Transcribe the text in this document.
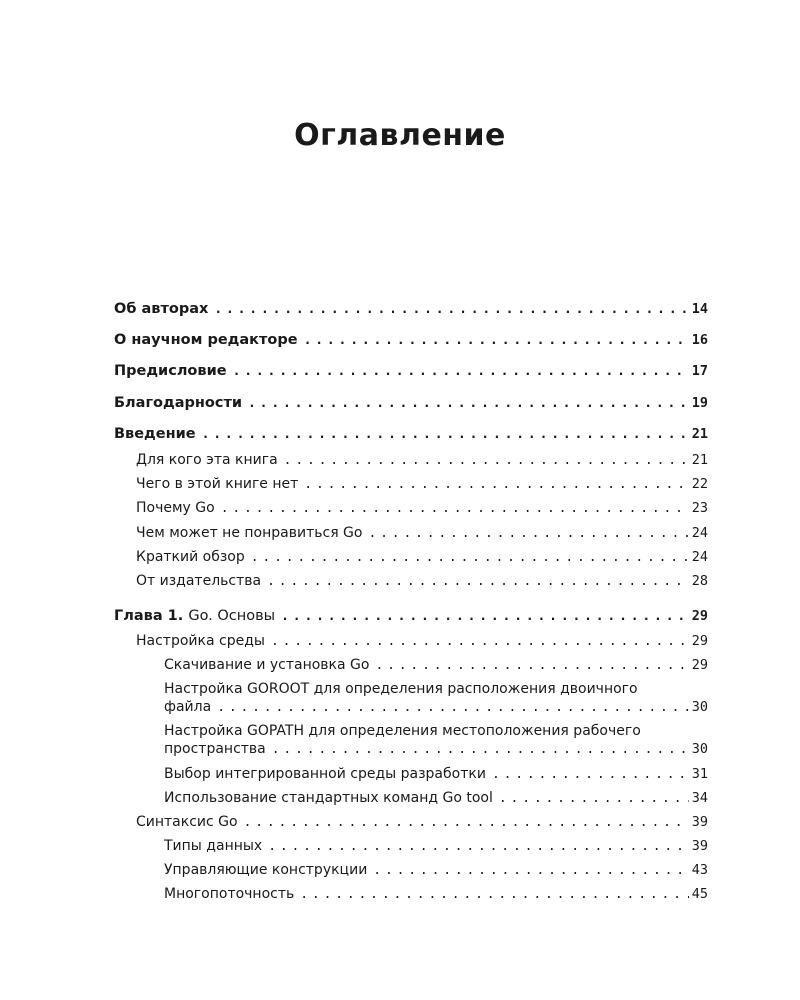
Оглавление
Об авторах . . .	14
О научном редакторе . . .	16
Предисловие . . .	17
Благодарности . . .	19
Введение . . .	21
Для кого эта книга . . .	21
Чего в этой книге нет . . .	22
Почему Go . . .	23
Чем может не понравиться Go . . .	24
Краткий обзор . . .	24
От издательства . . .	28
Глава 1. Go. Основы . . .	29
Настройка среды . . .	29
Скачивание и установка Go . . .	29
Настройка GOROOT для определения расположения двоичного
файла . . .	30
Настройка GOPATH для определения местоположения рабочего
пространства . . .	30
Выбор интегрированной среды разработки . . .	31
Использование стандартных команд Go tool . . .	34
Синтаксис Go . . .	39
Типы данных . . .	39
Управляющие конструкции . . .	43
Многопоточность . . .	45
